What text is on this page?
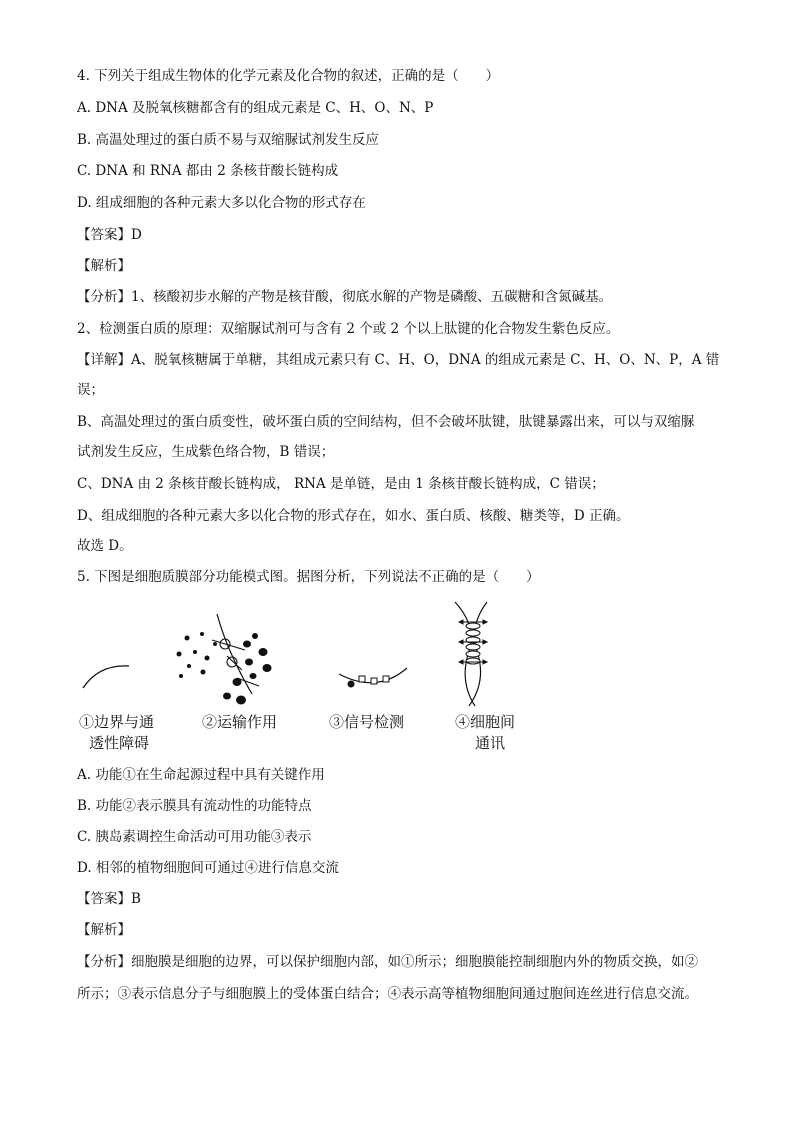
4. 下列关于组成生物体的化学元素及化合物的叙述，正确的是（　　）
A. DNA 及脱氧核糖都含有的组成元素是 C、H、O、N、P
B. 高温处理过的蛋白质不易与双缩脲试剂发生反应
C. DNA 和 RNA 都由 2 条核苷酸长链构成
D. 组成细胞的各种元素大多以化合物的形式存在
【答案】D
【解析】
【分析】1、核酸初步水解的产物是核苷酸，彻底水解的产物是磷酸、五碳糖和含氮碱基。
2、检测蛋白质的原理：双缩脲试剂可与含有 2 个或 2 个以上肽键的化合物发生紫色反应。
【详解】A、脱氧核糖属于单糖，其组成元素只有 C、H、O，DNA 的组成元素是 C、H、O、N、P，A 错
误；
B、高温处理过的蛋白质变性，破坏蛋白质的空间结构，但不会破坏肽键，肽键暴露出来，可以与双缩脲
试剂发生反应，生成紫色络合物，B 错误；
C、DNA 由 2 条核苷酸长链构成， RNA 是单链，是由 1 条核苷酸长链构成，C 错误；
D、组成细胞的各种元素大多以化合物的形式存在，如水、蛋白质、核酸、糖类等，D 正确。
故选 D。
5. 下图是细胞质膜部分功能模式图。据图分析，下列说法不正确的是（　　）
①边界与通
透性障碍
②运输作用	③信号检测	④细胞间
通讯
A. 功能①在生命起源过程中具有关键作用
B. 功能②表示膜具有流动性的功能特点
C. 胰岛素调控生命活动可用功能③表示
D. 相邻的植物细胞间可通过④进行信息交流
【答案】B
【解析】
【分析】细胞膜是细胞的边界，可以保护细胞内部，如①所示；细胞膜能控制细胞内外的物质交换，如②
所示；③表示信息分子与细胞膜上的受体蛋白结合；④表示高等植物细胞间通过胞间连丝进行信息交流。
